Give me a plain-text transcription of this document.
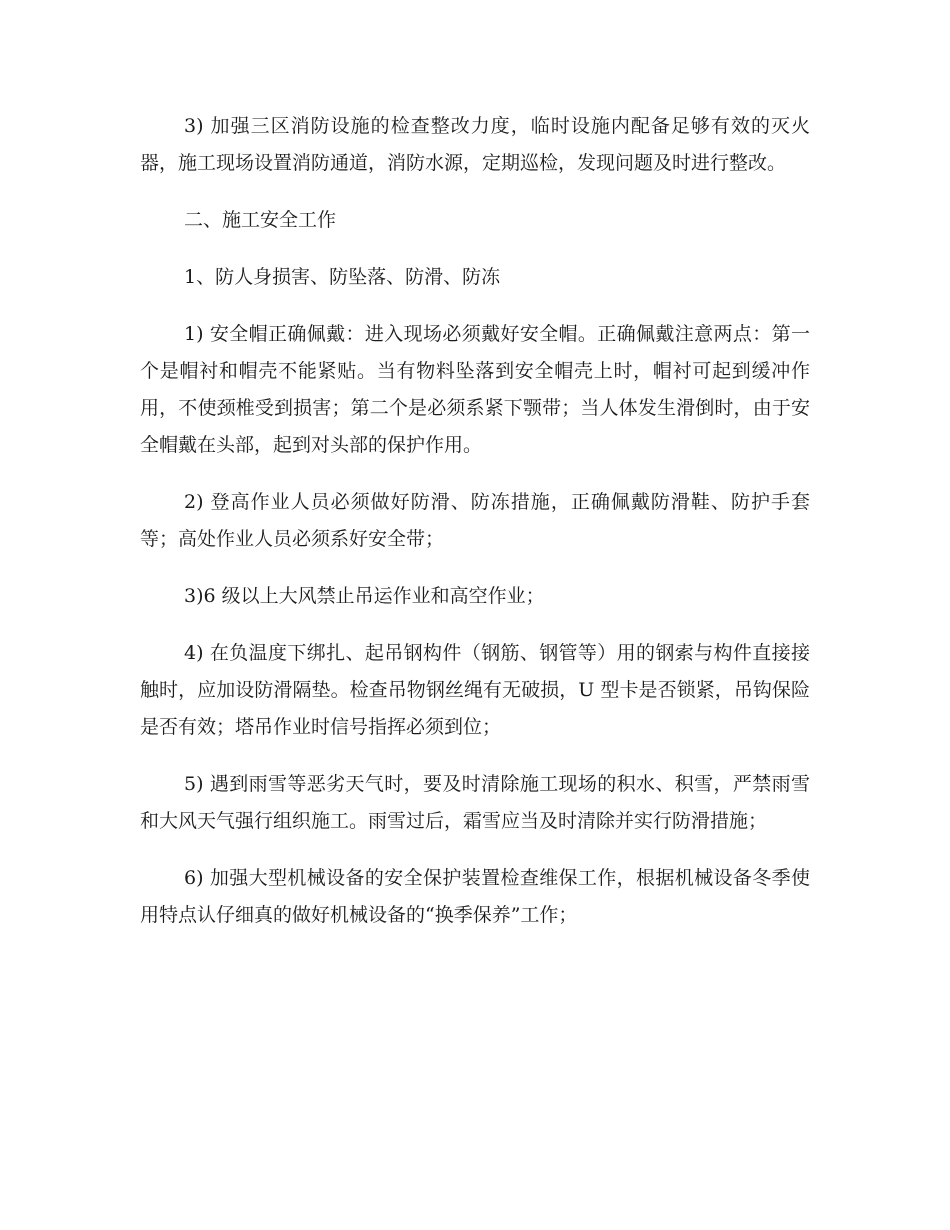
3) 加强三区消防设施的检查整改力度，临时设施内配备足够有效的灭火器，施工现场设置消防通道，消防水源，定期巡检，发现问题及时进行整改。

二、施工安全工作

1、防人身损害、防坠落、防滑、防冻

1) 安全帽正确佩戴：进入现场必须戴好安全帽。正确佩戴注意两点：第一个是帽衬和帽壳不能紧贴。当有物料坠落到安全帽壳上时，帽衬可起到缓冲作用，不使颈椎受到损害；第二个是必须系紧下颚带；当人体发生滑倒时，由于安全帽戴在头部，起到对头部的保护作用。

2) 登高作业人员必须做好防滑、防冻措施，正确佩戴防滑鞋、防护手套等；高处作业人员必须系好安全带；

3)6 级以上大风禁止吊运作业和高空作业；

4) 在负温度下绑扎、起吊钢构件（钢筋、钢管等）用的钢索与构件直接接触时，应加设防滑隔垫。检查吊物钢丝绳有无破损，U 型卡是否锁紧，吊钩保险是否有效；塔吊作业时信号指挥必须到位；

5) 遇到雨雪等恶劣天气时，要及时清除施工现场的积水、积雪，严禁雨雪和大风天气强行组织施工。雨雪过后，霜雪应当及时清除并实行防滑措施；

6) 加强大型机械设备的安全保护装置检查维保工作，根据机械设备冬季使用特点认仔细真的做好机械设备的“换季保养”工作；
